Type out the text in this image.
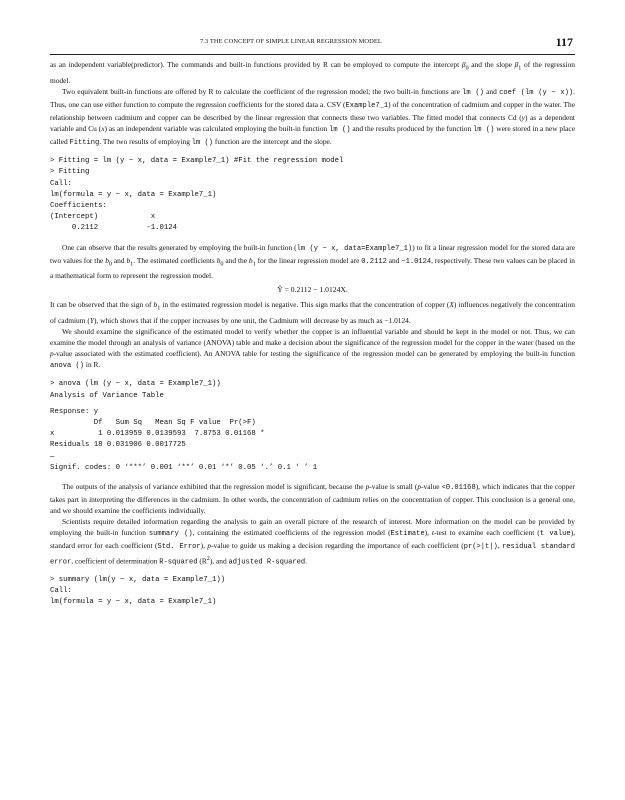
7.3 THE CONCEPT OF SIMPLE LINEAR REGRESSION MODEL	117

as an independent variable(predictor). The commands and built-in functions provided by R can be employed to compute the intercept $\beta_0$ and the slope $\beta_1$ of the regression model.

Two equivalent built-in functions are offered by R to calculate the coefficient of the regression model; the two built-in functions are lm () and coef (lm (y ~ x)). Thus, one can use either function to compute the regression coefficients for the stored data a. CSV (Example7_1) of the concentration of cadmium and copper in the water. The relationship between cadmium and copper can be described by the linear regression that connects these two variables. The fitted model that connects Cd (y) as a dependent variable and Cu (x) as an independent variable was calculated employing the built-in function lm () and the results produced by the function lm () were stored in a new place called Fitting. The two results of employing lm () function are the intercept and the slope.

> Fitting = lm (y ~ x, data = Example7_1) #Fit the regression model
> Fitting
Call:
lm(formula = y ~ x, data = Example7_1)
Coefficients:
(Intercept)            x
0.2112           -1.0124

One can observe that the results generated by employing the built-in function (lm (y ~ x, data=Example7_1)) to fit a linear regression model for the stored data are two values for the $b_0$ and $b_1$. The estimated coefficients $b_0$ and the $b_1$ for the linear regression model are 0.2112 and −1.0124, respectively. These two values can be placed in a mathematical form to represent the regression model.

Ŷ = 0.2112 − 1.0124X.

It can be observed that the sign of $b_1$ in the estimated regression model is negative. This sign marks that the concentration of copper (X) influences negatively the concentration of cadmium (Y), which shows that if the copper increases by one unit, the Cadmium will decrease by as much as −1.0124.

We should examine the significance of the estimated model to verify whether the copper is an influential variable and should be kept in the model or not. Thus, we can examine the model through an analysis of variance (ANOVA) table and make a decision about the significance of the regression model for the copper in the water (based on the p-value associated with the estimated coefficient). An ANOVA table for testing the significance of the regression model can be generated by employing the built-in function anova () in R.

> anova (lm (y ~ x, data = Example7_1))
Analysis of Variance Table
Response: y
Df   Sum Sq   Mean Sq F value  Pr(>F)
x          1 0.013959 0.0139593  7.8753 0.01168 *
Residuals 18 0.031906 0.0017725
—
Signif. codes: 0 ‘***’ 0.001 ‘**’ 0.01 ‘*’ 0.05 ‘.’ 0.1 ‘ ’ 1

The outputs of the analysis of variance exhibited that the regression model is significant, because the p-value is small (p-value <0.01168), which indicates that the copper takes part in interpreting the differences in the cadmium. In other words, the concentration of cadmium relies on the concentration of copper. This conclusion is a general one, and we should examine the coefficients individually.

Scientists require detailed information regarding the analysis to gain an overall picture of the research of interest. More information on the model can be provided by employing the built-in function summary (), containing the estimated coefficients of the regression model (Estimate), t-test to examine each coefficient (t value), standard error for each coefficient (Std. Error), p-value to guide us making a decision regarding the importance of each coefficient (pr(>|t|), residual standard error, coefficient of determination R-squared $(R^2)$, and adjusted R-squared.

> summary (lm(y ~ x, data = Example7_1))
Call:
lm(formula = y ~ x, data = Example7_1)
